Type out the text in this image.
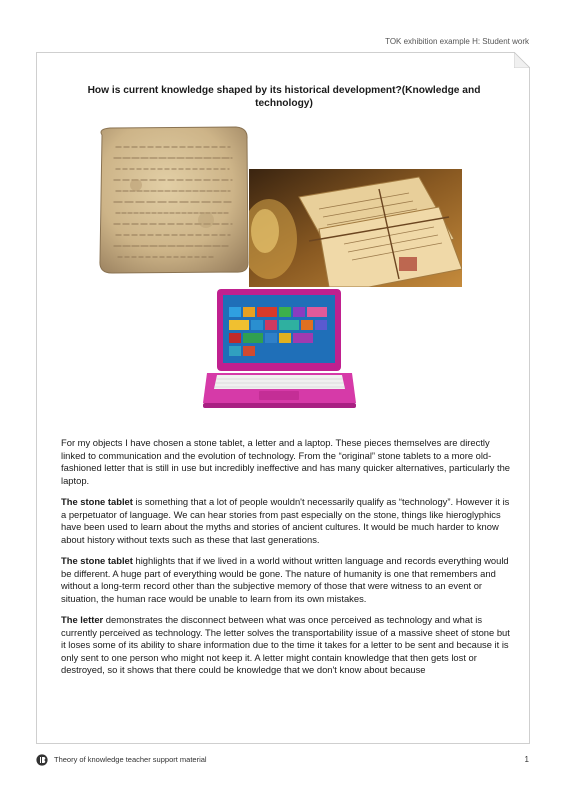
TOK exhibition example H: Student work
How is current knowledge shaped by its historical development?(Knowledge and technology)

For my objects I have chosen a stone tablet, a letter and a laptop. These pieces themselves are directly linked to communication and the evolution of technology. From the “original” stone tablets to a more old-fashioned letter that is still in use but incredibly ineffective and has many quicker alternatives, particularly the laptop.

The stone tablet is something that a lot of people wouldn't necessarily qualify as “technology”. However it is a perpetuator of language. We can hear stories from past especially on the stone, things like hieroglyphics have been used to learn about the myths and stories of ancient cultures. It would be much harder to know about history without texts such as these that last generations.

The stone tablet highlights that if we lived in a world without written language and records everything would be different. A huge part of everything would be gone. The nature of humanity is one that remembers and without a long-term record other than the subjective memory of those that were witness to an event or situation, the human race would be unable to learn from its own mistakes.

The letter demonstrates the disconnect between what was once perceived as technology and what is currently perceived as technology. The letter solves the transportability issue of a massive sheet of stone but it loses some of its ability to share information due to the time it takes for a letter to be sent and because it is only sent to one person who might not keep it. A letter might contain knowledge that then gets lost or destroyed, so it shows that there could be knowledge that we don't know about because

Theory of knowledge teacher support material	1
